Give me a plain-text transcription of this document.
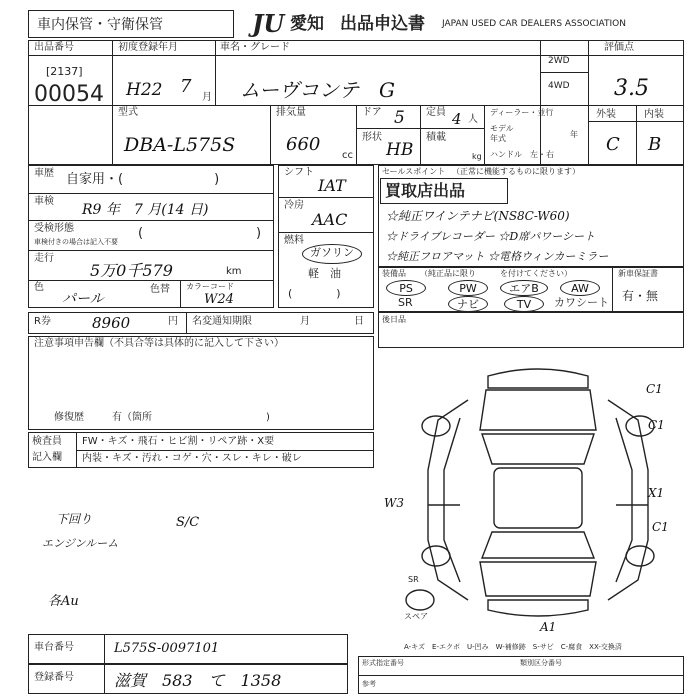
車内保管・守衛保管	JU 愛知 出品申込書 JAPAN USED CAR DEALERS ASSOCIATION
出品番号
[2137]
00054
初度登録年月
H22 7
月
車名・グレード
ムーヴコンテ　G
2WD
4WD
評価点
3.5
型式
DBA-L575S
排気量
660
cc
ドア 5 定員 4 人
形状
HB
積載
kg
ディーラー・並行
モデル
年式	年
ハンドル　左・右
外装	内装
C B
車歴 自家用・(　　　　　　　)
車検
R9 年　7 月(14 日)
受検形態
車検付きの場合は記入不要
(	)
走行
5万0千579	km
色
パール
色替 カラーコード
W24
シフト
IAT
冷房
AAC
燃料
ガソリン
軽　油
(　　　　)
セールスポイント （正常に機能するものに限ります）
買取店出品
☆純正ワインテナビ(NS8C-W60)
☆ドライブレコーダー ☆D席パワーシート
☆純正フロアマット ☆電格ウィンカーミラー
装備品 （純正品に限り　　　を付けてください）
PS	PW	エアB	AW
SR	ナビ	TV	カワシート
新車保証書
有・無
R券	8960	円 名変通知期限	月	日 後日品
注意事項申告欄（不具合等は具体的に記入して下さい）
修復歴	有（箇所	)
検査員
記入欄
FW・キズ・飛石・ヒビ割・リペア跡・X要
内装・キズ・汚れ・コゲ・穴・スレ・キレ・破レ
下回り
エンジンルーム
S/C
各Au
C1
C1
C1
X1
A1
W3
スペア
SR
A-キズ　E-エクボ　U-凹み　W-補修跡　S-サビ　C-腐食　XX-交換済
車台番号	L575S-0097101
登録番号	滋賀　583　て　1358
形式指定番号	類別区分番号
参考
